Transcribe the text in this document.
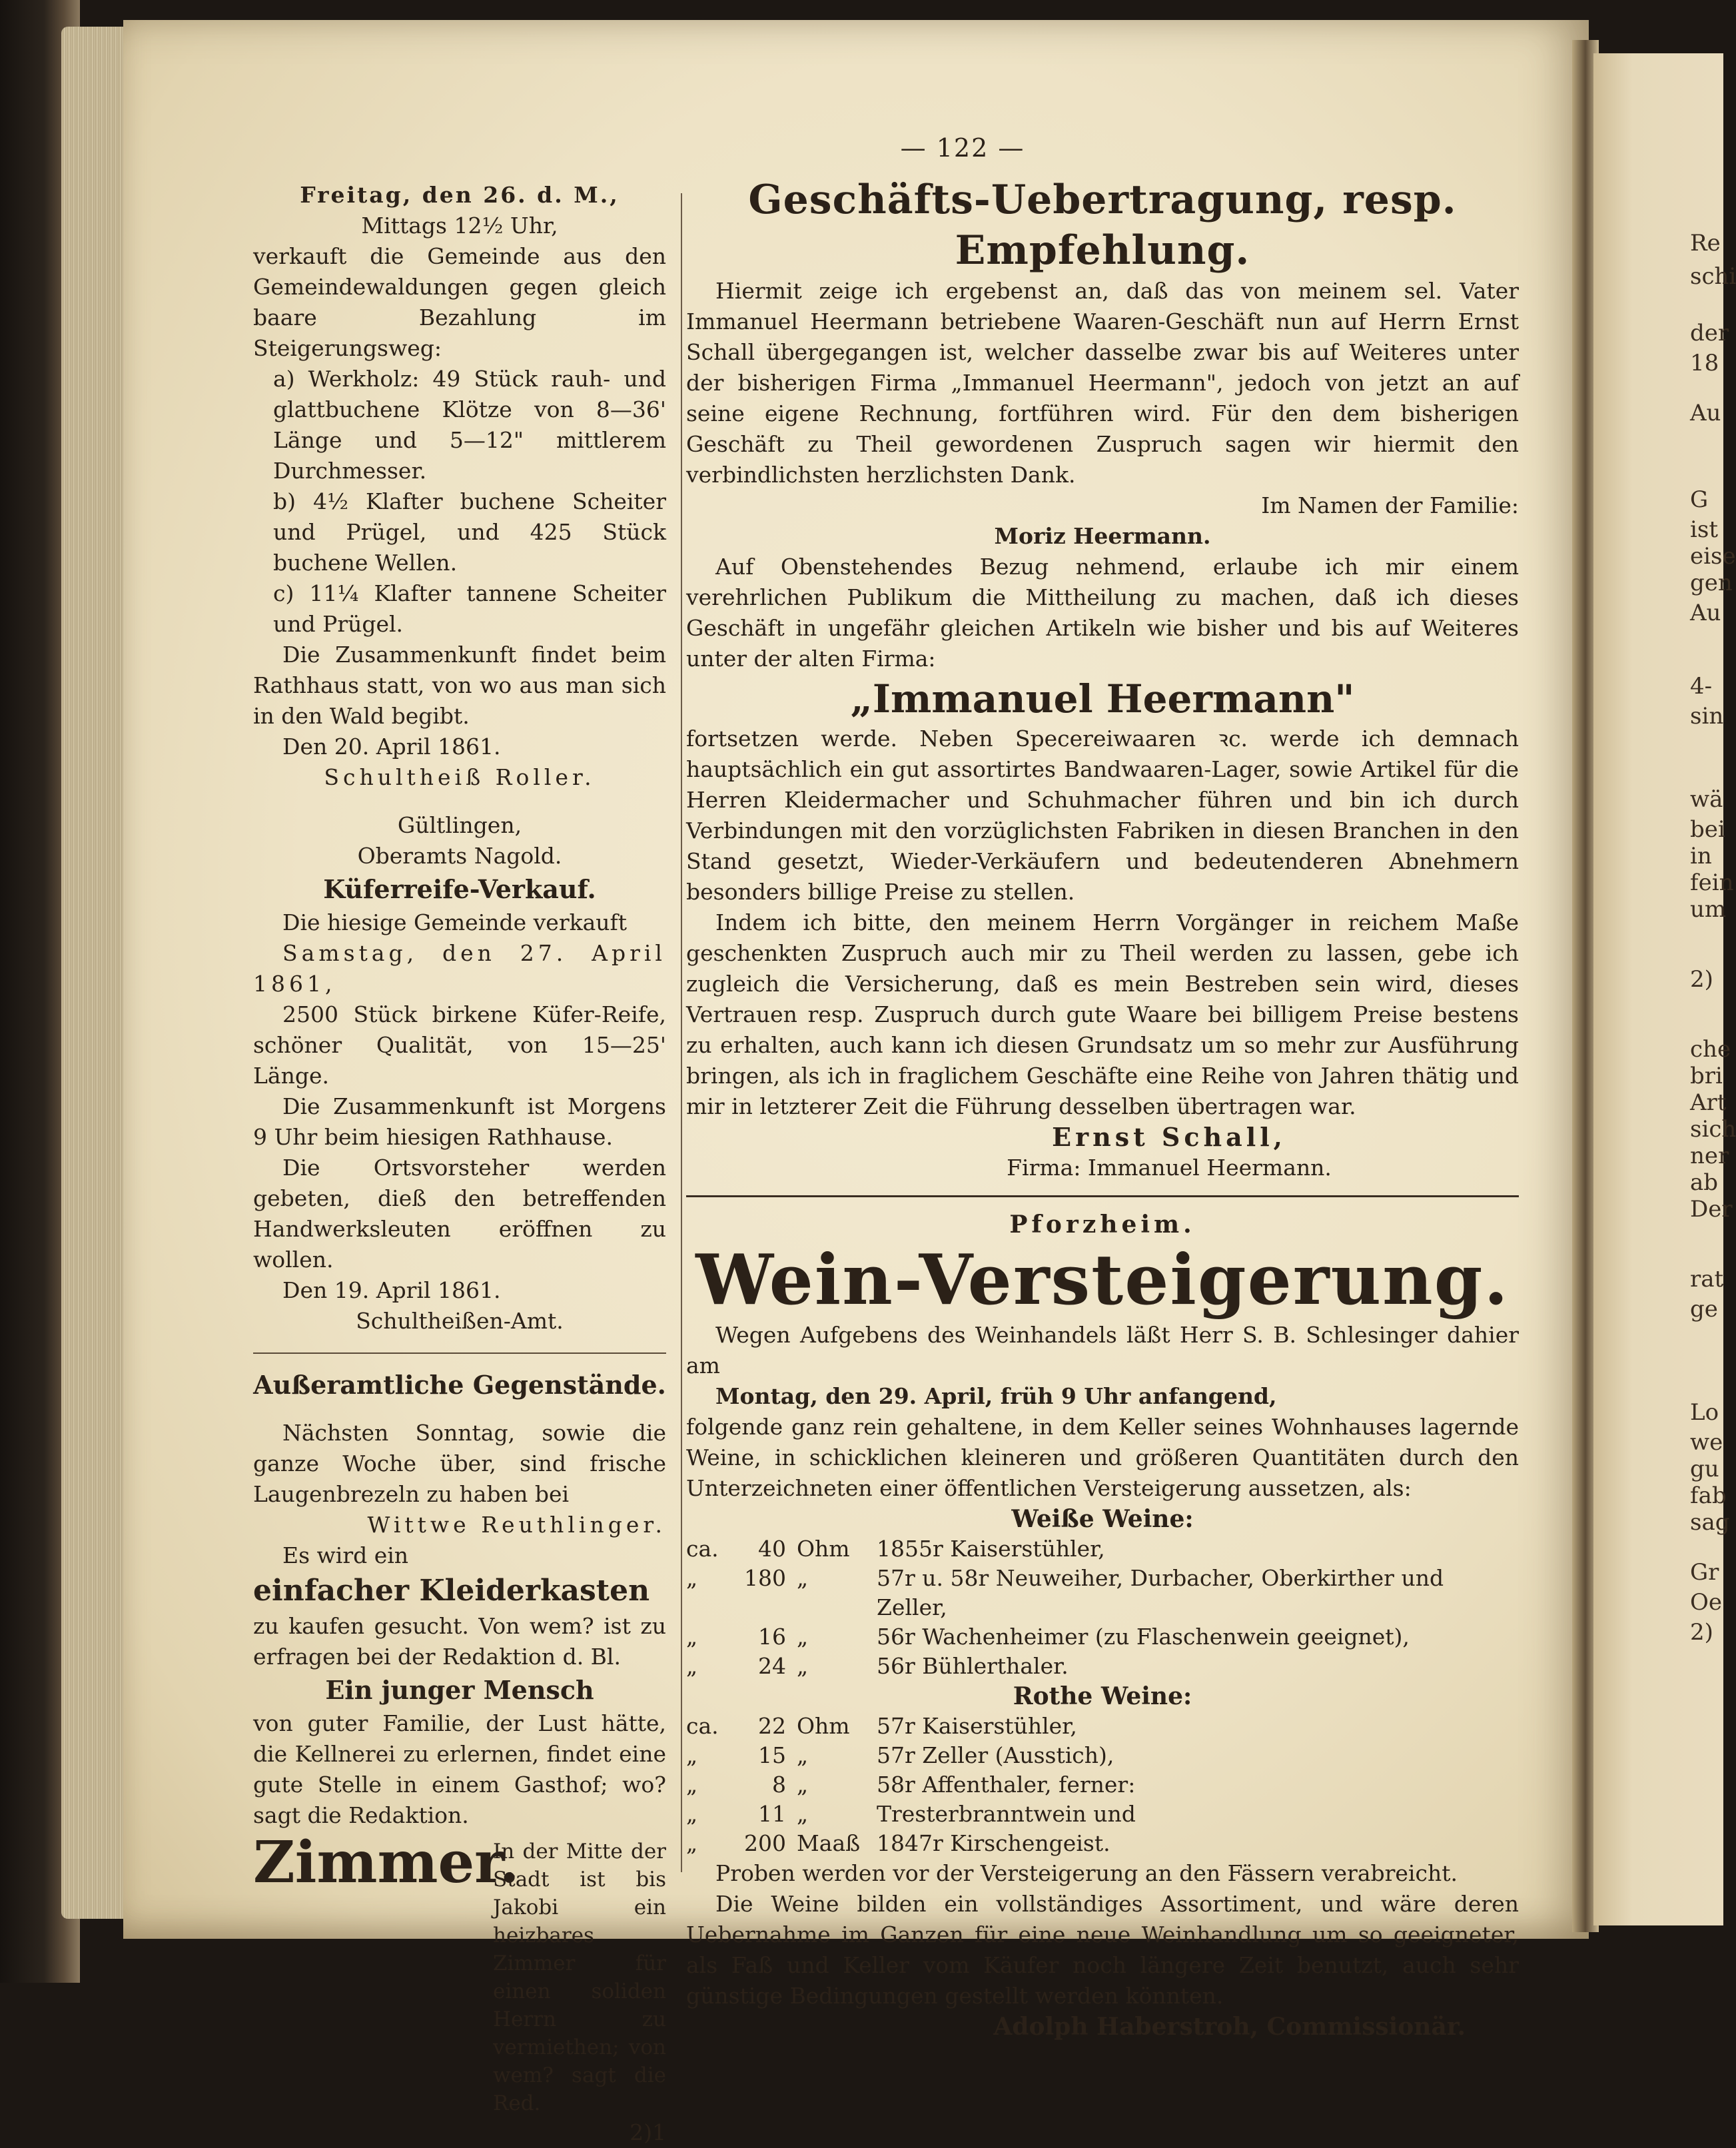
Re
schi
der
18
Au
G
ist
eise
gen
Au
4-
sin
wä
bei
in
fein
um
2)
che
bri
Art
sich
ner
ab
Der
rat
ge
Lo
we
gu
fab
sag
Gr
Oe
2)
— 122 —

Freitag, den 26. d. M.,

Mittags 12½ Uhr,

verkauft die Gemeinde aus den Gemeindewaldungen gegen gleich baare Bezahlung im Steigerungsweg:

a) Werkholz: 49 Stück rauh- und glattbuchene Klötze von 8—36' Länge und 5—12" mittlerem Durchmesser.

b) 4½ Klafter buchene Scheiter und Prügel, und 425 Stück buchene Wellen.

c) 11¼ Klafter tannene Scheiter und Prügel.

Die Zusammenkunft findet beim Rathhaus statt, von wo aus man sich in den Wald begibt.

Den 20. April 1861.

Schultheiß Roller.

Gültlingen,

Oberamts Nagold.

Küferreife-Verkauf.

Die hiesige Gemeinde verkauft

Samstag, den 27. April 1861,

2500 Stück birkene Küfer-Reife, schöner Qualität, von 15—25' Länge.

Die Zusammenkunft ist Morgens 9 Uhr beim hiesigen Rathhause.

Die Ortsvorsteher werden gebeten, dieß den betreffenden Handwerksleuten eröffnen zu wollen.

Den 19. April 1861.

Schultheißen-Amt.

Außeramtliche Gegenstände.

Nächsten Sonntag, sowie die ganze Woche über, sind frische Laugenbrezeln zu haben bei

Wittwe Reuthlinger.

Es wird ein

einfacher Kleiderkasten

zu kaufen gesucht. Von wem? ist zu erfragen bei der Redaktion d. Bl.

Ein junger Mensch

von guter Familie, der Lust hätte, die Kellnerei zu erlernen, findet eine gute Stelle in einem Gasthof; wo? sagt die Redaktion.

Zimmer.
In der Mitte der Stadt ist bis Jakobi ein heizbares Zimmer für einen soliden Herrn zu vermiethen; von wem? sagt die Red.

2)1

Geschäfts-Uebertragung, resp. Empfehlung.

Hiermit zeige ich ergebenst an, daß das von meinem sel. Vater Immanuel Heermann betriebene Waaren-Geschäft nun auf Herrn Ernst Schall übergegangen ist, welcher dasselbe zwar bis auf Weiteres unter der bisherigen Firma „Immanuel Heermann", jedoch von jetzt an auf seine eigene Rechnung, fortführen wird. Für den dem bisherigen Geschäft zu Theil gewordenen Zuspruch sagen wir hiermit den verbindlichsten herzlichsten Dank.

Im Namen der Familie:

Moriz Heermann.

Auf Obenstehendes Bezug nehmend, erlaube ich mir einem verehrlichen Publikum die Mittheilung zu machen, daß ich dieses Geschäft in ungefähr gleichen Artikeln wie bisher und bis auf Weiteres unter der alten Firma:

„Immanuel Heermann"

fortsetzen werde. Neben Specereiwaaren ꝛc. werde ich demnach hauptsächlich ein gut assortirtes Bandwaaren-Lager, sowie Artikel für die Herren Kleidermacher und Schuhmacher führen und bin ich durch Verbindungen mit den vorzüglichsten Fabriken in diesen Branchen in den Stand gesetzt, Wieder-Verkäufern und bedeutenderen Abnehmern besonders billige Preise zu stellen.

Indem ich bitte, den meinem Herrn Vorgänger in reichem Maße geschenkten Zuspruch auch mir zu Theil werden zu lassen, gebe ich zugleich die Versicherung, daß es mein Bestreben sein wird, dieses Vertrauen resp. Zuspruch durch gute Waare bei billigem Preise bestens zu erhalten, auch kann ich diesen Grundsatz um so mehr zur Ausführung bringen, als ich in fraglichem Geschäfte eine Reihe von Jahren thätig und mir in letzterer Zeit die Führung desselben übertragen war.

Ernst Schall,

Firma: Immanuel Heermann.

Pforzheim.

Wein-Versteigerung.

Wegen Aufgebens des Weinhandels läßt Herr S. B. Schlesinger dahier am

Montag, den 29. April, früh 9 Uhr anfangend,

folgende ganz rein gehaltene, in dem Keller seines Wohnhauses lagernde Weine, in schicklichen kleineren und größeren Quantitäten durch den Unterzeichneten einer öffentlichen Versteigerung aussetzen, als:

Weiße Weine:

ca.	40 Ohm	1855r Kaiserstühler,
„	180 „	57r u. 58r Neuweiher, Durbacher, Oberkirther und Zeller,
„	16 „	56r Wachenheimer (zu Flaschenwein geeignet),
„	24 „	56r Bühlerthaler.

Rothe Weine:

ca.	22 Ohm	57r Kaiserstühler,
„	15 „	57r Zeller (Ausstich),
„	8 „	58r Affenthaler, ferner:
„	11 „	Tresterbranntwein und
„	200 Maaß 1847r Kirschengeist.

Proben werden vor der Versteigerung an den Fässern verabreicht.

Die Weine bilden ein vollständiges Assortiment, und wäre deren Uebernahme im Ganzen für eine neue Weinhandlung um so geeigneter, als Faß und Keller vom Käufer noch längere Zeit benutzt, auch sehr günstige Bedingungen gestellt werden könnten.

Adolph Haberstroh, Commissionär.
